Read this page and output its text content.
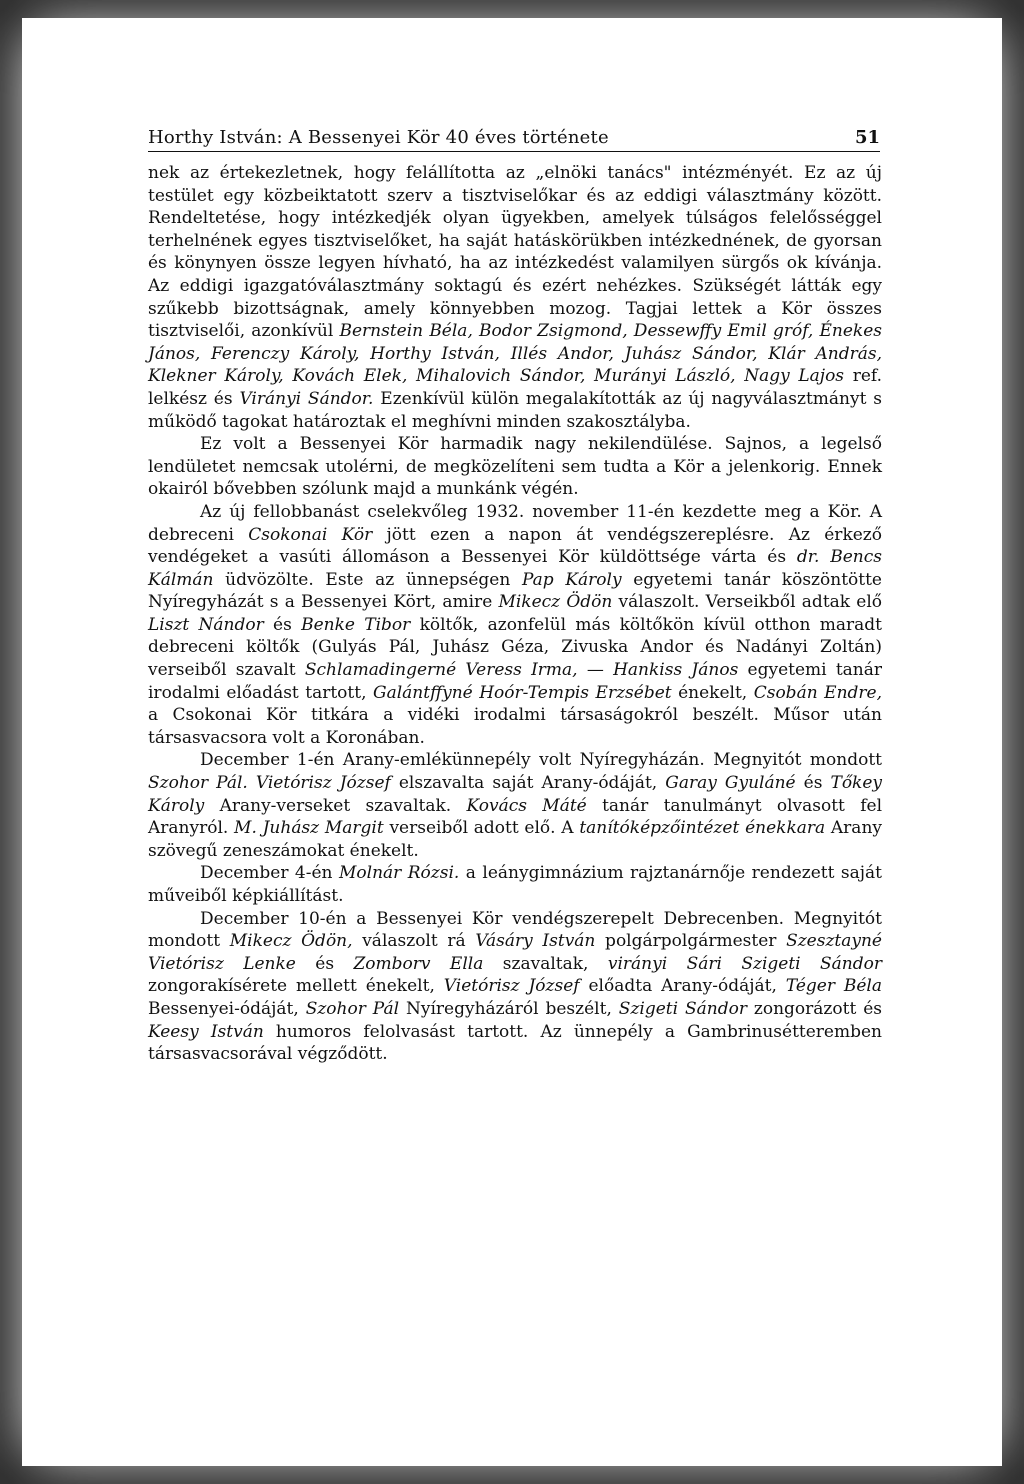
Horthy István: A Bessenyei Kör 40 éves története	51

nek az értekezletnek, hogy felállította az „elnöki tanács" intézményét. Ez az új testület egy közbeiktatott szerv a tisztviselőkar és az eddigi választmány között. Rendeltetése, hogy intézkedjék olyan ügyekben, amelyek túlságos felelősséggel terhelnének egyes tisztviselőket, ha saját hatáskörükben intézkednének, de gyorsan és könynyen össze legyen hívható, ha az intézkedést valamilyen sürgős ok kívánja. Az eddigi igazgatóválasztmány soktagú és ezért nehézkes. Szükségét látták egy szűkebb bizottságnak, amely könnyebben mozog. Tagjai lettek a Kör összes tisztviselői, azonkívül Bernstein Béla, Bodor Zsigmond, Dessewffy Emil gróf, Énekes János, Ferenczy Károly, Horthy István, Illés Andor, Juhász Sándor, Klár András, Klekner Károly, Kovách Elek, Mihalovich Sándor, Murányi László, Nagy Lajos ref. lelkész és Virányi Sándor. Ezenkívül külön megalakították az új nagyválasztmányt s működő tagokat határoztak el meghívni minden szakosztályba.

Ez volt a Bessenyei Kör harmadik nagy nekilendülése. Sajnos, a legelső lendületet nemcsak utolérni, de megközelíteni sem tudta a Kör a jelenkorig. Ennek okairól bővebben szólunk majd a munkánk végén.

Az új fellobbanást cselekvőleg 1932. november 11-én kezdette meg a Kör. A debreceni Csokonai Kör jött ezen a napon át vendégszereplésre. Az érkező vendégeket a vasúti állomáson a Bessenyei Kör küldöttsége várta és dr. Bencs Kálmán üdvözölte. Este az ünnepségen Pap Károly egyetemi tanár köszöntötte Nyíregyházát s a Bessenyei Kört, amire Mikecz Ödön válaszolt. Verseikből adtak elő Liszt Nándor és Benke Tibor költők, azonfelül más költőkön kívül otthon maradt debreceni költők (Gulyás Pál, Juhász Géza, Zivuska Andor és Nadányi Zoltán) verseiből szavalt Schlamadingerné Veress Irma, — Hankiss János egyetemi tanár irodalmi előadást tartott, Galántffyné Hoór-Tempis Erzsébet énekelt, Csobán Endre, a Csokonai Kör titkára a vidéki irodalmi társaságokról beszélt. Műsor után társasvacsora volt a Koronában.

December 1-én Arany-emlékünnepély volt Nyíregyházán. Megnyitót mondott Szohor Pál. Vietórisz József elszavalta saját Arany-ódáját, Garay Gyuláné és Tőkey Károly Arany-verseket szavaltak. Kovács Máté tanár tanulmányt olvasott fel Aranyról. M. Juhász Margit verseiből adott elő. A tanítóképzőintézet énekkara Arany szövegű zeneszámokat énekelt.

December 4-én Molnár Rózsi. a leánygimnázium rajztanárnője rendezett saját műveiből képkiállítást.

December 10-én a Bessenyei Kör vendégszerepelt Debrecenben. Megnyitót mondott Mikecz Ödön, válaszolt rá Vásáry István polgárpolgármester Szesztayné Vietórisz Lenke és Zomborv Ella szavaltak, virányi Sári Szigeti Sándor zongorakísérete mellett énekelt, Vietórisz József előadta Arany-ódáját, Téger Béla Bessenyei-ódáját, Szohor Pál Nyíregyházáról beszélt, Szigeti Sándor zongorázott és Keesy István humoros felolvasást tartott. Az ünnepély a Gambrinusétteremben társasvacsorával végződött.
